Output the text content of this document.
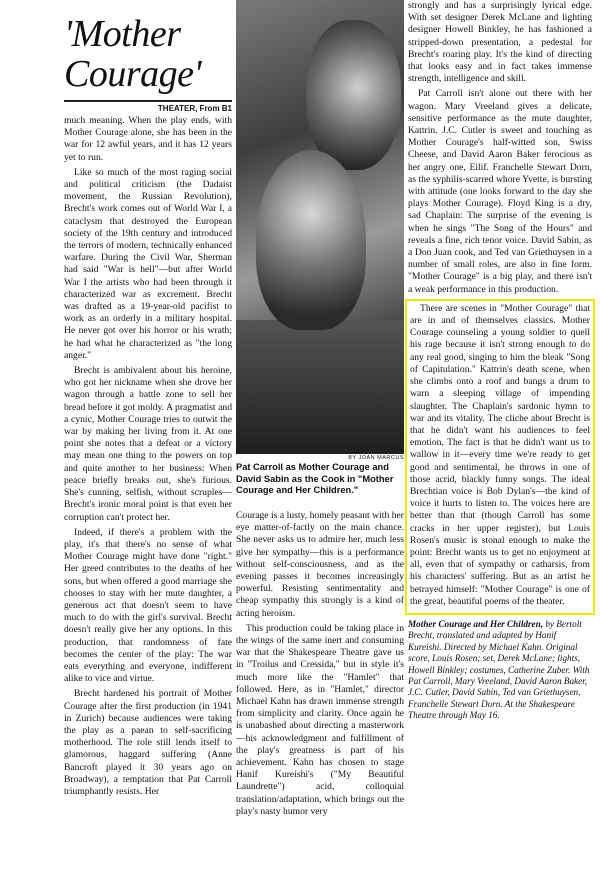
'Mother
Courage'
THEATER, From B1

much meaning. When the play ends, with Mother Courage alone, she has been in the war for 12 awful years, and it has 12 years yet to run.

Like so much of the most raging social and political criticism (the Dadaist movement, the Russian Revolution), Brecht's work comes out of World War I, a cataclysm that destroyed the European society of the 19th century and introduced the terrors of modern, technically enhanced warfare. During the Civil War, Sherman had said "War is hell"—but after World War I the artists who had been through it characterized war as excrement. Brecht was drafted as a 19-year-old pacifist to work as an orderly in a military hospital. He never got over his horror or his wrath; he had what he characterized as "the long anger."

Brecht is ambivalent about his heroine, who got her nickname when she drove her wagon through a battle zone to sell her bread before it got moldy. A pragmatist and a cynic, Mother Courage tries to outwit the war by making her living from it. At one point she notes that a defeat or a victory may mean one thing to the powers on top and quite another to her business: When peace briefly breaks out, she's furious. She's cunning, selfish, without scruples—Brecht's ironic moral point is that even her corruption can't protect her.

Indeed, if there's a problem with the play, it's that there's no sense of what Mother Courage might have done "right." Her greed contributes to the deaths of her sons, but when offered a good marriage she chooses to stay with her mute daughter, a generous act that doesn't seem to have much to do with the girl's survival. Brecht doesn't really give her any options. In this production, that randomness of fate becomes the center of the play: The war eats everything and everyone, indifferent alike to vice and virtue.

Brecht hardened his portrait of Mother Courage after the first production (in 1941 in Zurich) because audiences were taking the play as a paean to self-sacrificing motherhood. The role still lends itself to glamorous, haggard suffering (Anne Bancroft played it 30 years ago on Broadway), a temptation that Pat Carroll triumphantly resists. Her

BY JOAN MARCUS
Pat Carroll as Mother Courage and David Sabin as the Cook in "Mother Courage and Her Children."

Courage is a lusty, homely peasant with her eye matter-of-factly on the main chance. She never asks us to admire her, much less give her sympathy—this is a performance without self-consciousness, and as the evening passes it becomes increasingly powerful. Resisting sentimentality and cheap sympathy this strongly is a kind of acting heroism.

This production could be taking place in the wings of the same inert and consuming war that the Shakespeare Theatre gave us in "Troilus and Cressida," but in style it's much more like the "Hamlet" that followed. Here, as in "Hamlet," director Michael Kahn has drawn immense strength from simplicity and clarity. Once again he is unabashed about directing a masterwork—his acknowledgment and fulfillment of the play's greatness is part of his achievement. Kahn has chosen to stage Hanif Kureishi's ("My Beautiful Laundrette") acid, colloquial translation/adaptation, which brings out the play's nasty humor very

strongly and has a surprisingly lyrical edge. With set designer Derek McLane and lighting designer Howell Binkley, he has fashioned a stripped-down presentation, a pedestal for Brecht's roaring play. It's the kind of directing that looks easy and in fact takes immense strength, intelligence and skill.

Pat Carroll isn't alone out there with her wagon. Mary Vreeland gives a delicate, sensitive performance as the mute daughter, Kattrin. J.C. Cutler is sweet and touching as Mother Courage's half-witted son, Swiss Cheese, and David Aaron Baker ferocious as her angry one, Eilif. Franchelle Stewart Dorn, as the syphilis-scarred whore Yvette, is bursting with attitude (one looks forward to the day she plays Mother Courage). Floyd King is a dry, sad Chaplain: The surprise of the evening is when he sings "The Song of the Hours" and reveals a fine, rich tenor voice. David Sabin, as a Don Juan cook, and Ted van Griethuysen in a number of small roles, are also in fine form. "Mother Courage" is a big play, and there isn't a weak performance in this production.

There are scenes in "Mother Courage" that are in and of themselves classics. Mother Courage counseling a young soldier to quell his rage because it isn't strong enough to do any real good, singing to him the bleak "Song of Capitulation." Kattrin's death scene, when she climbs onto a roof and bangs a drum to warn a sleeping village of impending slaughter. The Chaplain's sardonic hymn to war and its vitality. The cliche about Brecht is that he didn't want his audiences to feel emotion. The fact is that he didn't want us to wallow in it—every time we're ready to get good and sentimental, he throws in one of those acrid, blackly funny songs. The ideal Brechtian voice is Bob Dylan's—the kind of voice it hurts to listen to. The voices here are better than that (though Carroll has some cracks in her upper register), but Louis Rosen's music is stonal enough to make the point: Brecht wants us to get no enjoyment at all, even that of sympathy or catharsis, from his characters' suffering. But as an artist he betrayed himself: "Mother Courage" is one of the great, beautiful poems of the theater.

Mother Courage and Her Children, by Bertolt Brecht, translated and adapted by Hanif Kureishi. Directed by Michael Kahn. Original score, Louis Rosen; set, Derek McLane; lights, Howell Binkley; costumes, Catherine Zuber. With Pat Carroll, Mary Vreeland, David Aaron Baker, J.C. Cutler, David Sabin, Ted van Griethuysen, Franchelle Stewart Dorn. At the Shakespeare Theatre through May 16.
